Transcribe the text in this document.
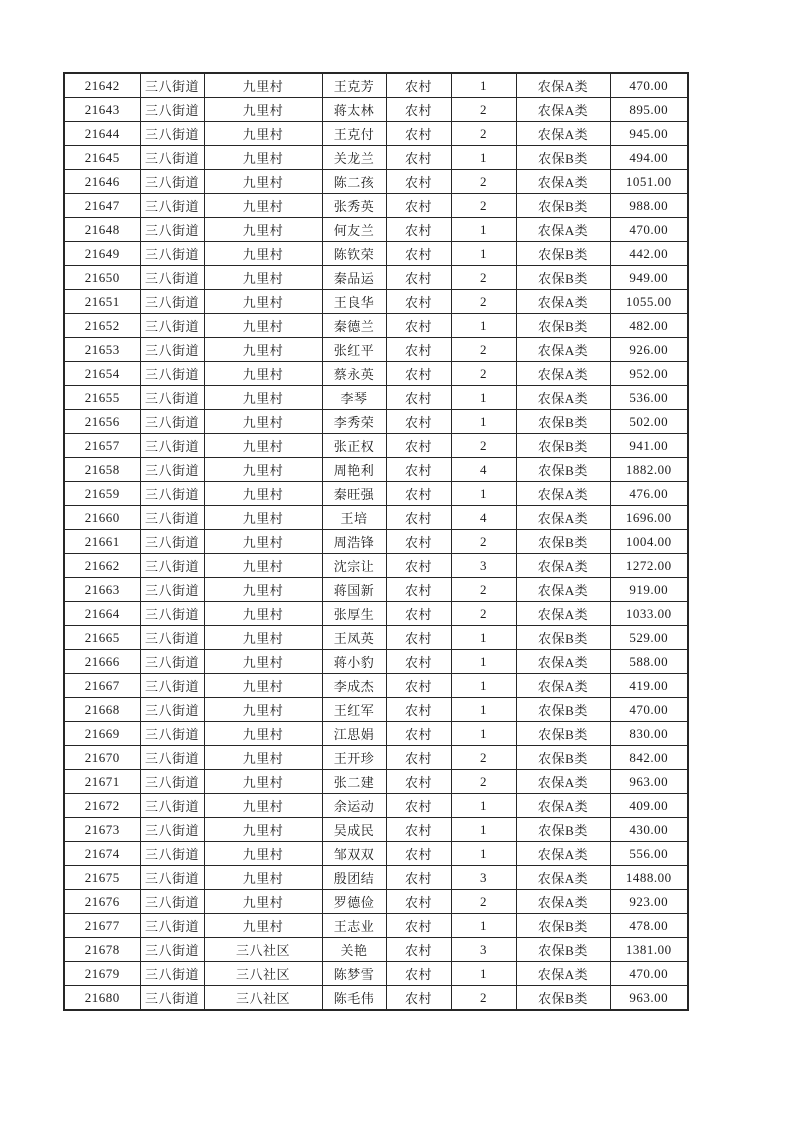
21642	三八街道	九里村	王克芳	农村	1	农保A类	470.00
21643	三八街道	九里村	蒋太林	农村	2	农保A类	895.00
21644	三八街道	九里村	王克付	农村	2	农保A类	945.00
21645	三八街道	九里村	关龙兰	农村	1	农保B类	494.00
21646	三八街道	九里村	陈二孩	农村	2	农保A类	1051.00
21647	三八街道	九里村	张秀英	农村	2	农保B类	988.00
21648	三八街道	九里村	何友兰	农村	1	农保A类	470.00
21649	三八街道	九里村	陈钦荣	农村	1	农保B类	442.00
21650	三八街道	九里村	秦品运	农村	2	农保B类	949.00
21651	三八街道	九里村	王良华	农村	2	农保A类	1055.00
21652	三八街道	九里村	秦德兰	农村	1	农保B类	482.00
21653	三八街道	九里村	张红平	农村	2	农保A类	926.00
21654	三八街道	九里村	蔡永英	农村	2	农保A类	952.00
21655	三八街道	九里村	李琴	农村	1	农保A类	536.00
21656	三八街道	九里村	李秀荣	农村	1	农保B类	502.00
21657	三八街道	九里村	张正权	农村	2	农保B类	941.00
21658	三八街道	九里村	周艳利	农村	4	农保B类	1882.00
21659	三八街道	九里村	秦旺强	农村	1	农保A类	476.00
21660	三八街道	九里村	王培	农村	4	农保A类	1696.00
21661	三八街道	九里村	周浩锋	农村	2	农保B类	1004.00
21662	三八街道	九里村	沈宗让	农村	3	农保A类	1272.00
21663	三八街道	九里村	蒋国新	农村	2	农保A类	919.00
21664	三八街道	九里村	张厚生	农村	2	农保A类	1033.00
21665	三八街道	九里村	王凤英	农村	1	农保B类	529.00
21666	三八街道	九里村	蒋小豹	农村	1	农保A类	588.00
21667	三八街道	九里村	李成杰	农村	1	农保A类	419.00
21668	三八街道	九里村	王红军	农村	1	农保B类	470.00
21669	三八街道	九里村	江思娟	农村	1	农保B类	830.00
21670	三八街道	九里村	王开珍	农村	2	农保B类	842.00
21671	三八街道	九里村	张二建	农村	2	农保A类	963.00
21672	三八街道	九里村	余运动	农村	1	农保A类	409.00
21673	三八街道	九里村	吴成民	农村	1	农保B类	430.00
21674	三八街道	九里村	邹双双	农村	1	农保A类	556.00
21675	三八街道	九里村	殷团结	农村	3	农保A类	1488.00
21676	三八街道	九里村	罗德俭	农村	2	农保A类	923.00
21677	三八街道	九里村	王志业	农村	1	农保B类	478.00
21678	三八街道	三八社区	关艳	农村	3	农保B类	1381.00
21679	三八街道	三八社区	陈梦雪	农村	1	农保A类	470.00
21680	三八街道	三八社区	陈毛伟	农村	2	农保B类	963.00
